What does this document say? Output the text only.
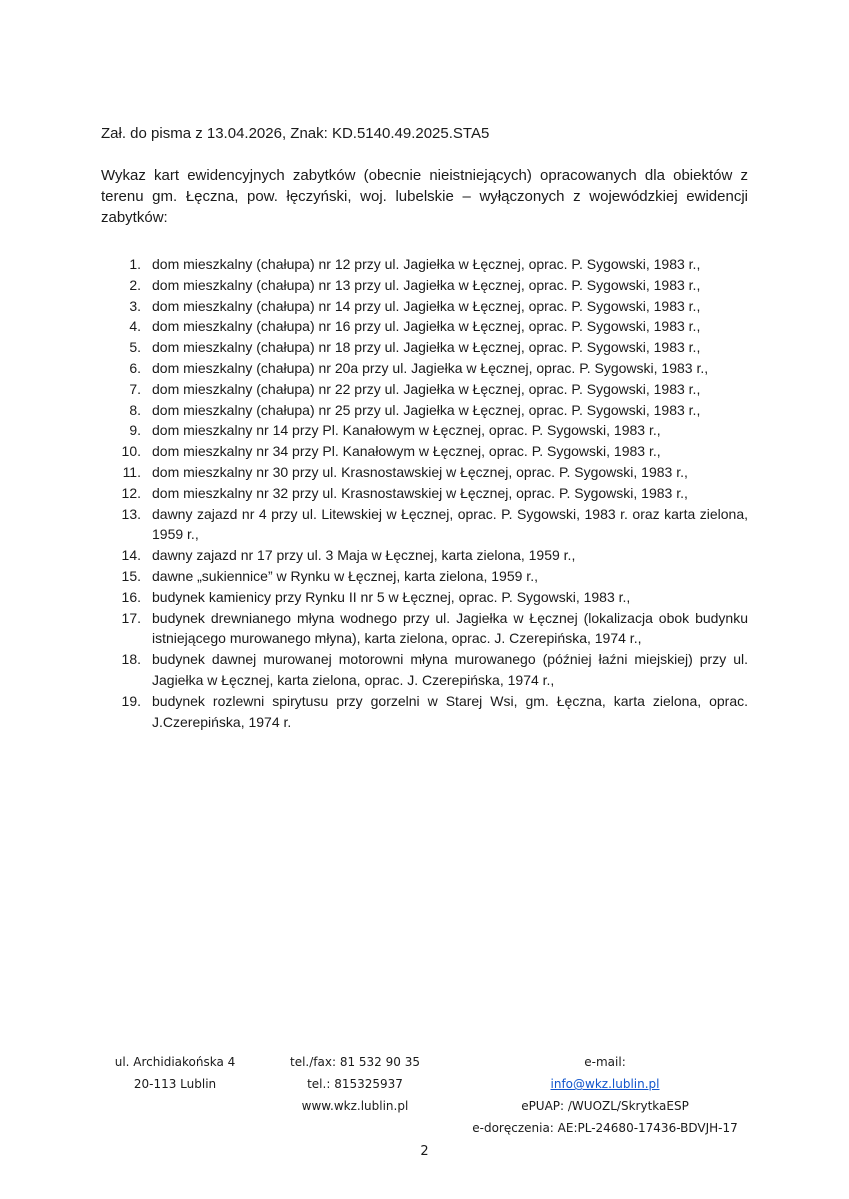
Zał. do pisma z 13.04.2026, Znak: KD.5140.49.2025.STA5
Wykaz kart ewidencyjnych zabytków (obecnie nieistniejących) opracowanych dla obiektów z
terenu gm. Łęczna, pow. łęczyński, woj. lubelskie – wyłączonych z wojewódzkiej ewidencji
zabytków:
1. dom mieszkalny (chałupa) nr 12 przy ul. Jagiełka w Łęcznej, oprac. P. Sygowski, 1983 r.,
2. dom mieszkalny (chałupa) nr 13 przy ul. Jagiełka w Łęcznej, oprac. P. Sygowski, 1983 r.,
3. dom mieszkalny (chałupa) nr 14 przy ul. Jagiełka w Łęcznej, oprac. P. Sygowski, 1983 r.,
4. dom mieszkalny (chałupa) nr 16 przy ul. Jagiełka w Łęcznej, oprac. P. Sygowski, 1983 r.,
5. dom mieszkalny (chałupa) nr 18 przy ul. Jagiełka w Łęcznej, oprac. P. Sygowski, 1983 r.,
6. dom mieszkalny (chałupa) nr 20a przy ul. Jagiełka w Łęcznej, oprac. P. Sygowski, 1983 r.,
7. dom mieszkalny (chałupa) nr 22 przy ul. Jagiełka w Łęcznej, oprac. P. Sygowski, 1983 r.,
8. dom mieszkalny (chałupa) nr 25 przy ul. Jagiełka w Łęcznej, oprac. P. Sygowski, 1983 r.,
9. dom mieszkalny nr 14 przy Pl. Kanałowym w Łęcznej, oprac. P. Sygowski, 1983 r.,
10. dom mieszkalny nr 34 przy Pl. Kanałowym w Łęcznej, oprac. P. Sygowski, 1983 r.,
11. dom mieszkalny nr 30 przy ul. Krasnostawskiej w Łęcznej, oprac. P. Sygowski, 1983 r.,
12. dom mieszkalny nr 32 przy ul. Krasnostawskiej w Łęcznej, oprac. P. Sygowski, 1983 r.,
13. dawny zajazd nr 4 przy ul. Litewskiej w Łęcznej, oprac. P. Sygowski, 1983 r. oraz karta zielona, 1959 r.,
14. dawny zajazd nr 17 przy ul. 3 Maja w Łęcznej, karta zielona, 1959 r.,
15. dawne „sukiennice” w Rynku w Łęcznej, karta zielona, 1959 r.,
16. budynek kamienicy przy Rynku II nr 5 w Łęcznej, oprac. P. Sygowski, 1983 r.,
17. budynek drewnianego młyna wodnego przy ul. Jagiełka w Łęcznej (lokalizacja obok budynku istniejącego murowanego młyna), karta zielona, oprac. J. Czerepińska, 1974 r.,
18. budynek dawnej murowanej motorowni młyna murowanego (później łaźni miejskiej) przy ul. Jagiełka w Łęcznej, karta zielona, oprac. J. Czerepińska, 1974 r.,
19. budynek rozlewni spirytusu przy gorzelni w Starej Wsi, gm. Łęczna, karta zielona, oprac. J.Czerepińska, 1974 r.
ul. Archidiakońska 4
20-113 Lublin
tel./fax: 81 532 90 35
tel.: 815325937
www.wkz.lublin.pl
e-mail:
info@wkz.lublin.pl
ePUAP: /WUOZL/SkrytkaESP
e-doręczenia: AE:PL-24680-17436-BDVJH-17
2
